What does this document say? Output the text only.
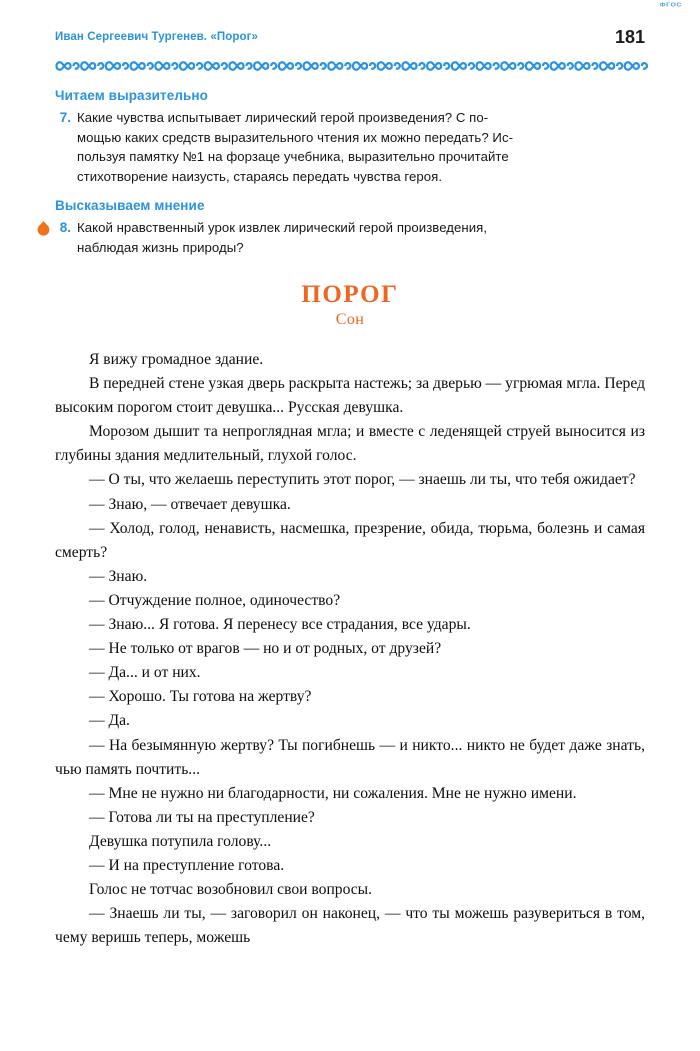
ФГОС
Иван Сергеевич Тургенев. «Порог»	181
Читаем выразительно
7. Какие чувства испытывает лирический герой произведения? С по-
мощью каких средств выразительного чтения их можно передать? Ис-
пользуя памятку №1 на форзаце учебника, выразительно прочитайте
стихотворение наизусть, стараясь передать чувства героя.
Высказываем мнение
8. Какой нравственный урок извлек лирический герой произведения,
наблюдая жизнь природы?
ПОРОГ
Сон

Я вижу громадное здание.

В передней стене узкая дверь раскрыта настежь; за дверью — угрюмая мгла. Перед высоким порогом стоит девушка... Русская девушка.

Морозом дышит та непроглядная мгла; и вместе с леденящей струей выносится из глубины здания медлительный, глухой голос.

— О ты, что желаешь переступить этот порог, — знаешь ли ты, что тебя ожидает?

— Знаю, — отвечает девушка.

— Холод, голод, ненависть, насмешка, презрение, обида, тюрьма, болезнь и самая смерть?

— Знаю.

— Отчуждение полное, одиночество?

— Знаю... Я готова. Я перенесу все страдания, все удары.

— Не только от врагов — но и от родных, от друзей?

— Да... и от них.

— Хорошо. Ты готова на жертву?

— Да.

— На безымянную жертву? Ты погибнешь — и никто... никто не будет даже знать, чью память почтить...

— Мне не нужно ни благодарности, ни сожаления. Мне не нужно имени.

— Готова ли ты на преступление?

Девушка потупила голову...

— И на преступление готова.

Голос не тотчас возобновил свои вопросы.

— Знаешь ли ты, — заговорил он наконец, — что ты можешь разувериться в том, чему веришь теперь, можешь
